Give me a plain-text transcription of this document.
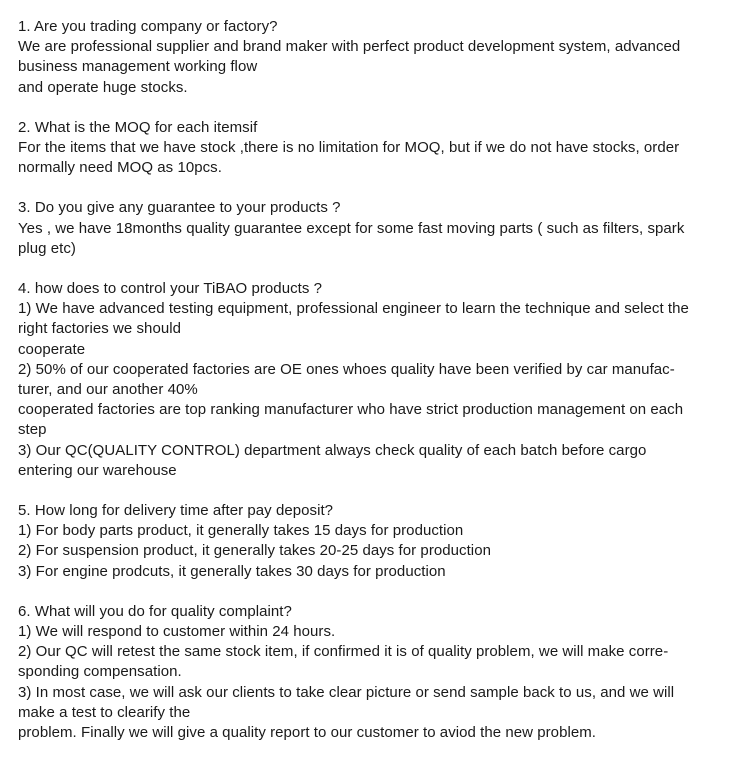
1. Are you trading company or factory?
We are professional supplier and brand maker with perfect product development system, advanced
business management working flow
and operate huge stocks.
2. What is the MOQ for each itemsif
For the items that we have stock ,there is no limitation for MOQ, but if we do not have stocks, order
normally need MOQ as 10pcs.
3. Do you give any guarantee to your products ?
Yes , we have 18months quality guarantee except for some fast moving parts ( such as filters, spark
plug etc)
4. how does to control your TiBAO products ?
1) We have advanced testing equipment, professional engineer to learn the technique and select the
right factories we should
cooperate
2) 50% of our cooperated factories are OE ones whoes quality have been verified by car manufac-
turer, and our another 40%
cooperated factories are top ranking manufacturer who have strict production management on each
step
3) Our QC(QUALITY CONTROL) department always check quality of each batch before cargo
entering our warehouse
5. How long for delivery time after pay deposit?
1) For body parts product, it generally takes 15 days for production
2) For suspension product, it generally takes 20-25 days for production
3) For engine prodcuts, it generally takes 30 days for production
6. What will you do for quality complaint?
1) We will respond to customer within 24 hours.
2) Our QC will retest the same stock item, if confirmed it is of quality problem, we will make corre-
sponding compensation.
3) In most case, we will ask our clients to take clear picture or send sample back to us, and we will
make a test to clearify the
problem. Finally we will give a quality report to our customer to aviod the new problem.
